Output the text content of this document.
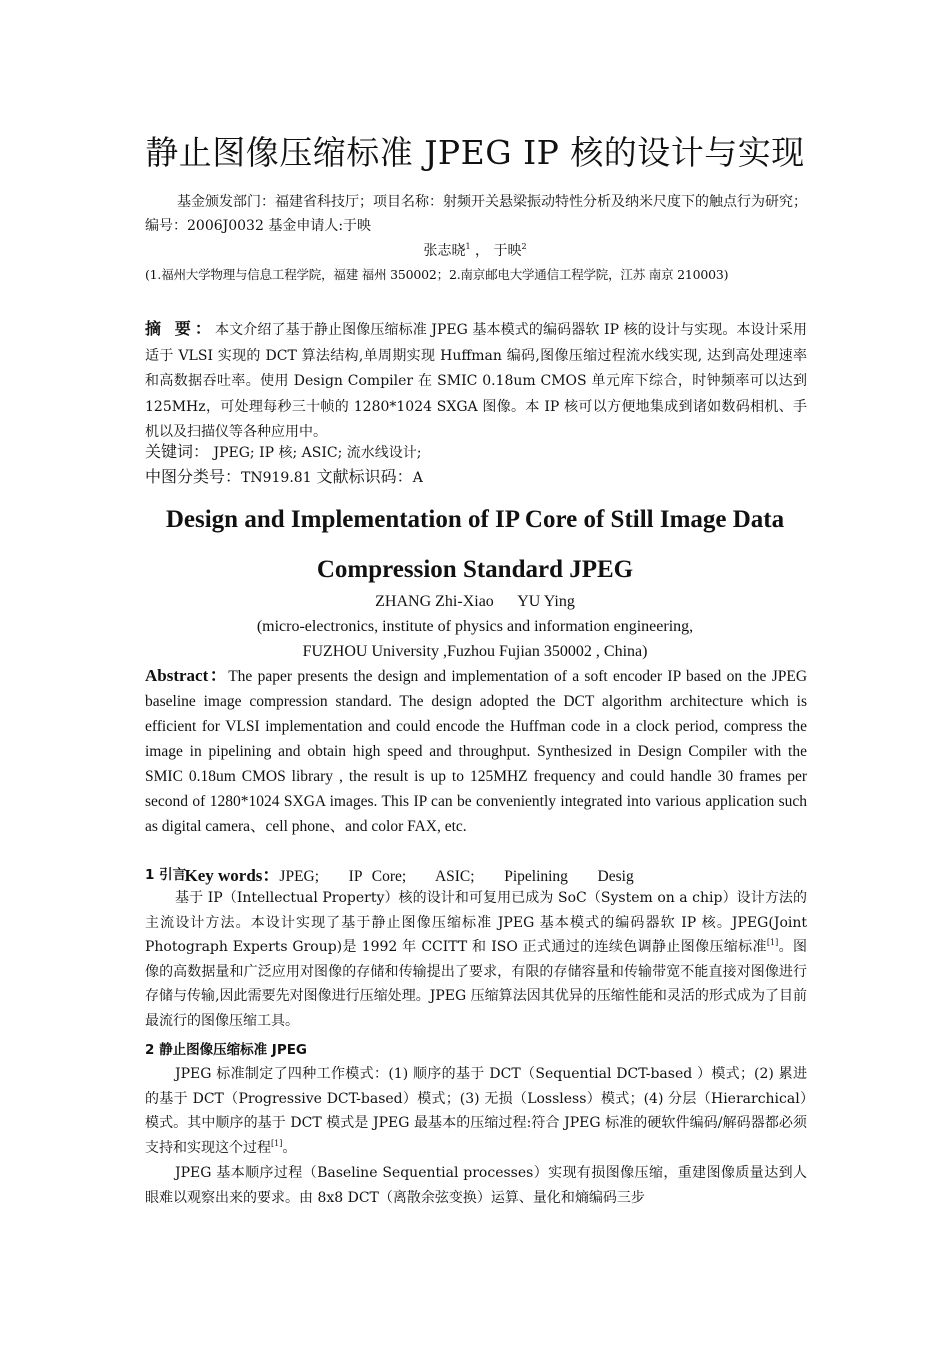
静止图像压缩标准 JPEG IP 核的设计与实现
基金颁发部门：福建省科技厅；项目名称：射频开关悬梁振动特性分析及纳米尺度下的触点行为研究；编号：2006J0032 基金申请人:于映
张志晓$^1$ ， 于映$^2$
(1.福州大学物理与信息工程学院，福建 福州 350002；2.南京邮电大学通信工程学院，江苏 南京 210003)
摘 要：本文介绍了基于静止图像压缩标准 JPEG 基本模式的编码器软 IP 核的设计与实现。本设计采用适于 VLSI 实现的 DCT 算法结构,单周期实现 Huffman 编码,图像压缩过程流水线实现, 达到高处理速率和高数据吞吐率。使用 Design Compiler 在 SMIC 0.18um CMOS 单元库下综合，时钟频率可以达到 125MHz，可处理每秒三十帧的 1280*1024 SXGA 图像。本 IP 核可以方便地集成到诸如数码相机、手机以及扫描仪等各种应用中。
关键词： JPEG; IP 核; ASIC; 流水线设计;
中图分类号：TN919.81 文献标识码：A
Design and Implementation of IP Core of Still Image Data
Compression Standard JPEG
ZHANG Zhi-Xiao      YU Ying
(micro-electronics, institute of physics and information engineering,
FUZHOU University ,Fuzhou Fujian 350002 , China)
Abstract：The paper presents the design and implementation of a soft encoder IP based on the JPEG baseline image compression standard. The design adopted the DCT algorithm architecture which is efficient for VLSI implementation and could encode the Huffman code in a clock period, compress the image in pipelining and obtain high speed and throughput. Synthesized in Design Compiler with the SMIC 0.18um CMOS library , the result is up to 125MHZ frequency and could handle 30 frames per second of 1280*1024 SXGA images. This IP can be conveniently integrated into various application such as digital camera、cell phone、and color FAX, etc.

Key words：JPEG;   IP Core;   ASIC;   Pipelining   Desig

1 引言
基于 IP（Intellectual Property）核的设计和可复用已成为 SoC（System on a chip）设计方法的主流设计方法。本设计实现了基于静止图像压缩标准 JPEG 基本模式的编码器软 IP 核。JPEG(Joint Photograph Experts Group)是 1992 年 CCITT 和 ISO 正式通过的连续色调静止图像压缩标准[1]。图像的高数据量和广泛应用对图像的存储和传输提出了要求，有限的存储容量和传输带宽不能直接对图像进行存储与传输,因此需要先对图像进行压缩处理。JPEG 压缩算法因其优异的压缩性能和灵活的形式成为了目前最流行的图像压缩工具。
2 静止图像压缩标准 JPEG
JPEG 标准制定了四种工作模式：(1) 顺序的基于 DCT（Sequential DCT-based ）模式；(2) 累进的基于 DCT（Progressive DCT-based）模式；(3) 无损（Lossless）模式；(4) 分层（Hierarchical）模式。其中顺序的基于 DCT 模式是 JPEG 最基本的压缩过程:符合 JPEG 标准的硬软件编码/解码器都必须支持和实现这个过程[1]。
JPEG 基本顺序过程（Baseline Sequential processes）实现有损图像压缩，重建图像质量达到人眼难以观察出来的要求。由 8x8 DCT（离散余弦变换）运算、量化和熵编码三步
